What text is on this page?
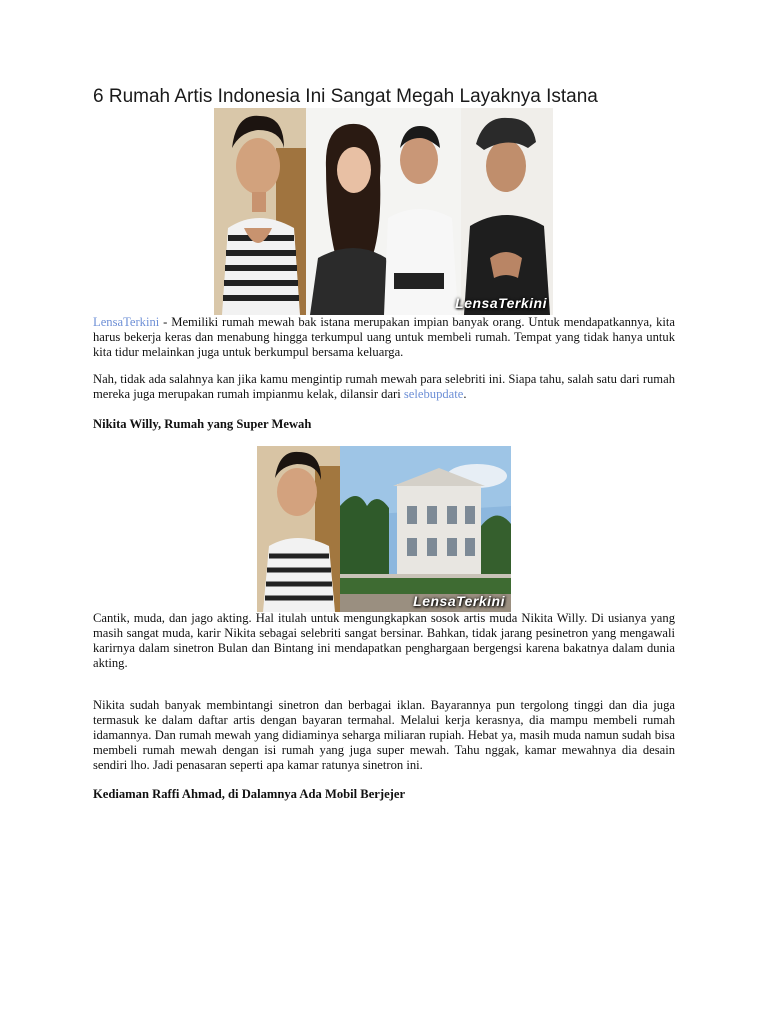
6 Rumah Artis Indonesia Ini Sangat Megah Layaknya Istana
LensaTerkini

LensaTerkini - Memiliki rumah mewah bak istana merupakan impian banyak orang. Untuk mendapatkannya, kita harus bekerja keras dan menabung hingga terkumpul uang untuk membeli rumah. Tempat yang tidak hanya untuk kita tidur melainkan juga untuk berkumpul bersama keluarga.

Nah, tidak ada salahnya kan jika kamu mengintip rumah mewah para selebriti ini. Siapa tahu, salah satu dari rumah mereka juga merupakan rumah impianmu kelak, dilansir dari selebupdate.

Nikita Willy, Rumah yang Super Mewah

LensaTerkini

Cantik, muda, dan jago akting. Hal itulah untuk mengungkapkan sosok artis muda Nikita Willy. Di usianya yang masih sangat muda, karir Nikita sebagai selebriti sangat bersinar. Bahkan, tidak jarang pesinetron yang mengawali karirnya dalam sinetron Bulan dan Bintang ini mendapatkan penghargaan bergengsi karena bakatnya dalam dunia akting.

Nikita sudah banyak membintangi sinetron dan berbagai iklan. Bayarannya pun tergolong tinggi dan dia juga termasuk ke dalam daftar artis dengan bayaran termahal. Melalui kerja kerasnya, dia mampu membeli rumah idamannya. Dan rumah mewah yang didiaminya seharga miliaran rupiah. Hebat ya, masih muda namun sudah bisa membeli rumah mewah dengan isi rumah yang juga super mewah. Tahu nggak, kamar mewahnya dia desain sendiri lho. Jadi penasaran seperti apa kamar ratunya sinetron ini.

Kediaman Raffi Ahmad, di Dalamnya Ada Mobil Berjejer
